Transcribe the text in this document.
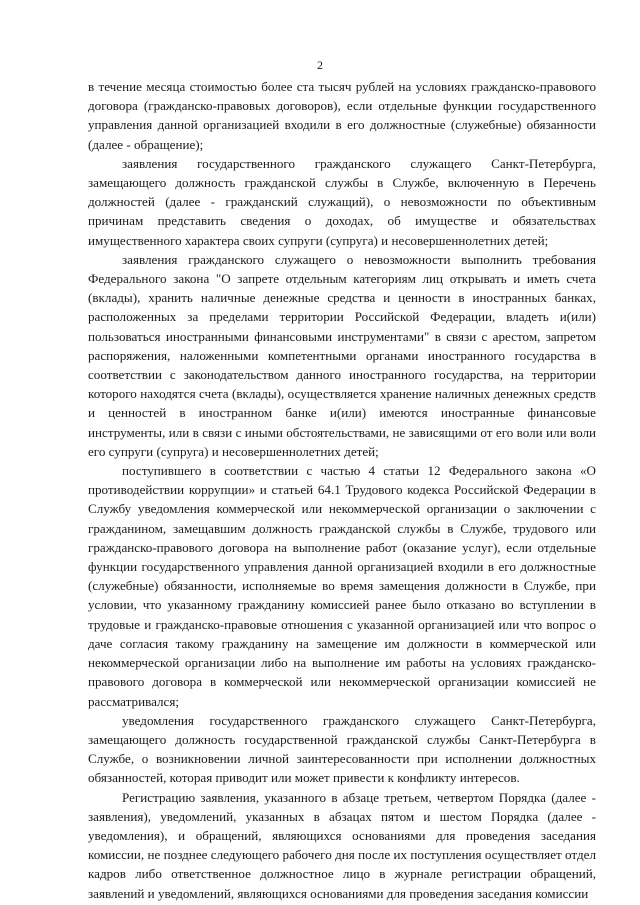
2

в течение месяца стоимостью более ста тысяч рублей на условиях гражданско-правового договора (гражданско-правовых договоров), если отдельные функции государственного управления данной организацией входили в его должностные (служебные) обязанности (далее - обращение);

заявления государственного гражданского служащего Санкт-Петербурга, замещающего должность гражданской службы в Службе, включенную в Перечень должностей (далее - гражданский служащий), о невозможности по объективным причинам представить сведения о доходах, об имуществе и обязательствах имущественного характера своих супруги (супруга) и несовершеннолетних детей;

заявления гражданского служащего о невозможности выполнить требования Федерального закона "О запрете отдельным категориям лиц открывать и иметь счета (вклады), хранить наличные денежные средства и ценности в иностранных банках, расположенных за пределами территории Российской Федерации, владеть и(или) пользоваться иностранными финансовыми инструментами" в связи с арестом, запретом распоряжения, наложенными компетентными органами иностранного государства в соответствии с законодательством данного иностранного государства, на территории которого находятся счета (вклады), осуществляется хранение наличных денежных средств и ценностей в иностранном банке и(или) имеются иностранные финансовые инструменты, или в связи с иными обстоятельствами, не зависящими от его воли или воли его супруги (супруга) и несовершеннолетних детей;

поступившего в соответствии с частью 4 статьи 12 Федерального закона «О противодействии коррупции» и статьей 64.1 Трудового кодекса Российской Федерации в Службу уведомления коммерческой или некоммерческой организации о заключении с гражданином, замещавшим должность гражданской службы в Службе, трудового или гражданско-правового договора на выполнение работ (оказание услуг), если отдельные функции государственного управления данной организацией входили в его должностные (служебные) обязанности, исполняемые во время замещения должности в Службе, при условии, что указанному гражданину комиссией ранее было отказано во вступлении в трудовые и гражданско-правовые отношения с указанной организацией или что вопрос о даче согласия такому гражданину на замещение им должности в коммерческой или некоммерческой организации либо на выполнение им работы на условиях гражданско-правового договора в коммерческой или некоммерческой организации комиссией не рассматривался;

уведомления государственного гражданского служащего Санкт-Петербурга, замещающего должность государственной гражданской службы Санкт-Петербурга в Службе, о возникновении личной заинтересованности при исполнении должностных обязанностей, которая приводит или может привести к конфликту интересов.

Регистрацию заявления, указанного в абзаце третьем, четвертом Порядка (далее - заявления), уведомлений, указанных в абзацах пятом и шестом Порядка (далее - уведомления), и обращений, являющихся основаниями для проведения заседания комиссии, не позднее следующего рабочего дня после их поступления осуществляет отдел кадров либо ответственное должностное лицо в журнале регистрации обращений, заявлений и уведомлений, являющихся основаниями для проведения заседания комиссии
